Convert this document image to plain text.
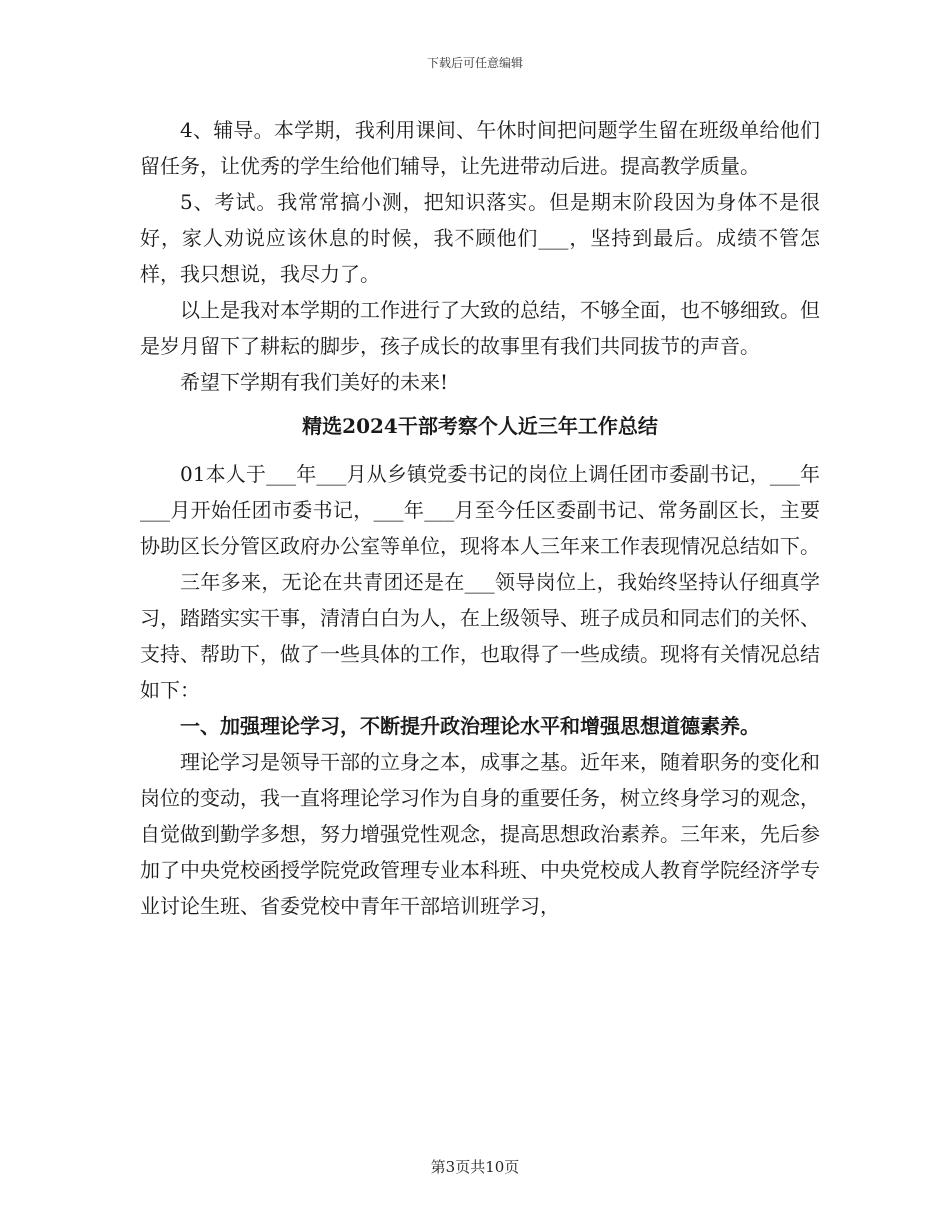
下载后可任意编辑

4、辅导。本学期，我利用课间、午休时间把问题学生留在班级单给他们留任务，让优秀的学生给他们辅导，让先进带动后进。提高教学质量。

5、考试。我常常搞小测，把知识落实。但是期末阶段因为身体不是很好，家人劝说应该休息的时候，我不顾他们___，坚持到最后。成绩不管怎样，我只想说，我尽力了。

以上是我对本学期的工作进行了大致的总结，不够全面，也不够细致。但是岁月留下了耕耘的脚步，孩子成长的故事里有我们共同拔节的声音。

希望下学期有我们美好的未来!

精选2024干部考察个人近三年工作总结

01本人于___年___月从乡镇党委书记的岗位上调任团市委副书记，___年___月开始任团市委书记，___年___月至今任区委副书记、常务副区长，主要协助区长分管区政府办公室等单位，现将本人三年来工作表现情况总结如下。

三年多来，无论在共青团还是在___领导岗位上，我始终坚持认仔细真学习，踏踏实实干事，清清白白为人，在上级领导、班子成员和同志们的关怀、支持、帮助下，做了一些具体的工作，也取得了一些成绩。现将有关情况总结如下：

一、加强理论学习，不断提升政治理论水平和增强思想道德素养。

理论学习是领导干部的立身之本，成事之基。近年来，随着职务的变化和岗位的变动，我一直将理论学习作为自身的重要任务，树立终身学习的观念，自觉做到勤学多想，努力增强党性观念，提高思想政治素养。三年来，先后参加了中央党校函授学院党政管理专业本科班、中央党校成人教育学院经济学专业讨论生班、省委党校中青年干部培训班学习，

第3页共10页
